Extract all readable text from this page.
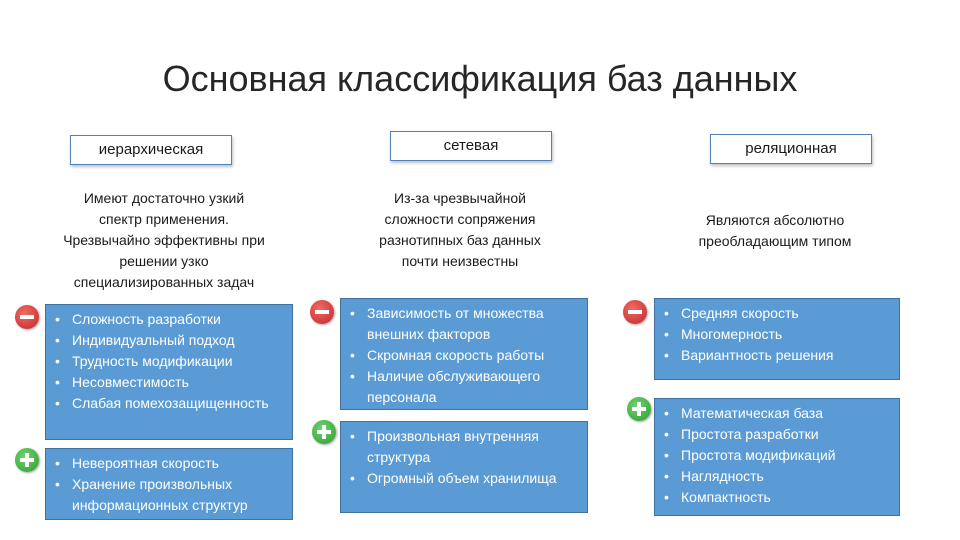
Основная классификация баз данных
иерархическая
Имеют достаточно узкий
спектр применения.
Чрезвычайно эффективны при
решении узко
специализированных задач
• Сложность разработки
• Индивидуальный подход
• Трудность модификации
• Несовместимость
• Слабая помехозащищенность
• Невероятная скорость
• Хранение произвольных информационных структур
сетевая
Из-за чрезвычайной
сложности сопряжения
разнотипных баз данных
почти неизвестны
• Зависимость от множества внешних факторов
• Скромная скорость работы
• Наличие обслуживающего персонала
• Произвольная внутренняя структура
• Огромный объем хранилища
реляционная
Являются абсолютно
преобладающим типом
• Средняя скорость
• Многомерность
• Вариантность решения
• Математическая база
• Простота разработки
• Простота модификаций
• Наглядность
• Компактность
